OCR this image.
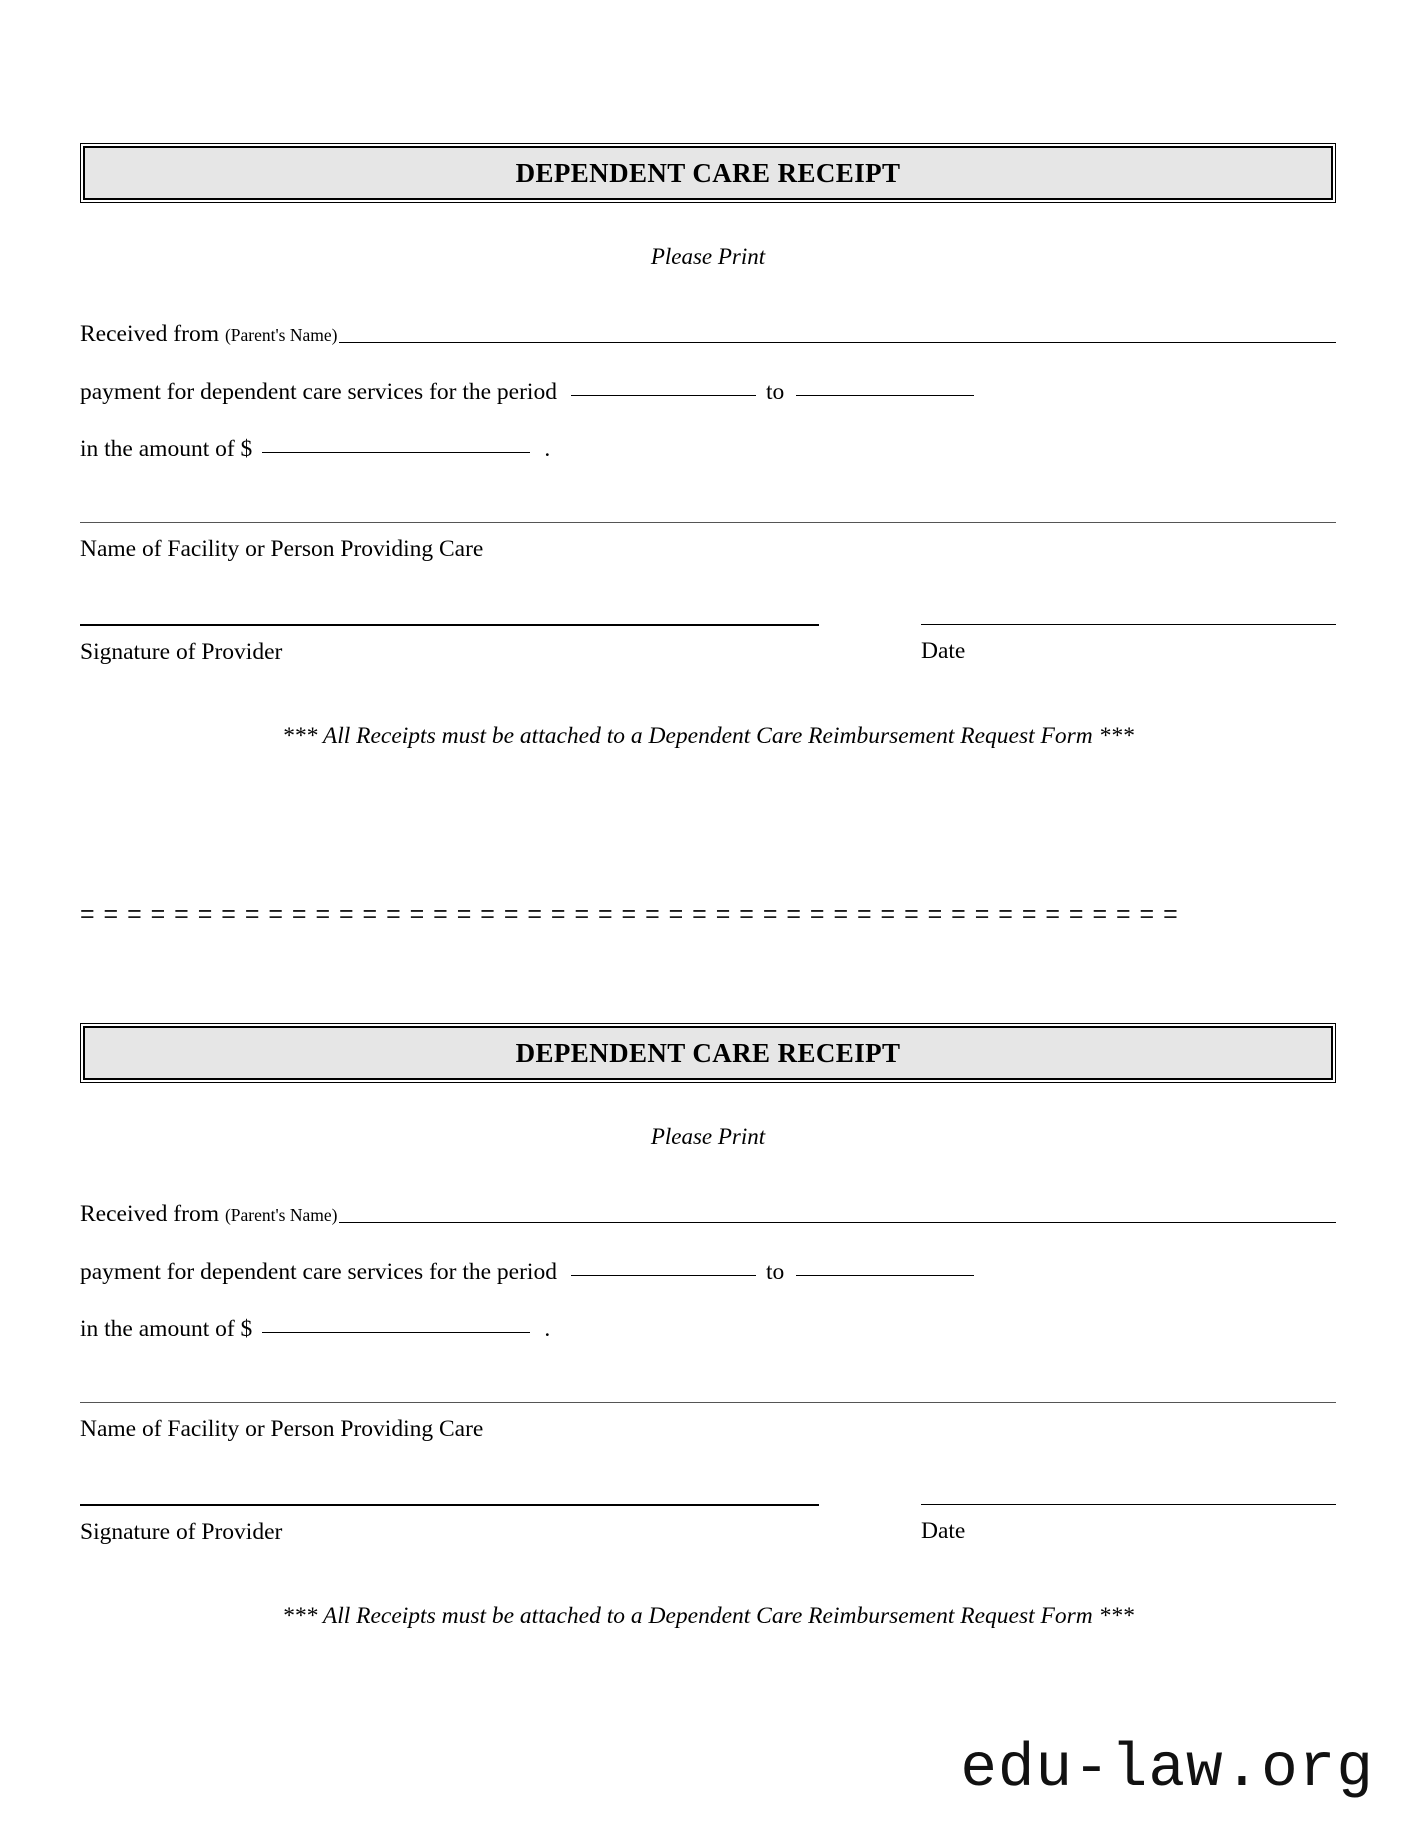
DEPENDENT CARE RECEIPT
Please Print
Received from (Parent's Name)
payment for dependent care services for the period	to
in the amount of $	.
Name of Facility or Person Providing Care
Signature of Provider	Date
*** All Receipts must be attached to a Dependent Care Reimbursement Request Form ***
= = = = = = = = = = = = = = = = = = = = = = = = = = = = = = = = = = = = = = = = = = = = = = =
DEPENDENT CARE RECEIPT
Please Print
Received from (Parent's Name)
payment for dependent care services for the period	to
in the amount of $	.
Name of Facility or Person Providing Care
Signature of Provider	Date
*** All Receipts must be attached to a Dependent Care Reimbursement Request Form ***
edu-law.org
